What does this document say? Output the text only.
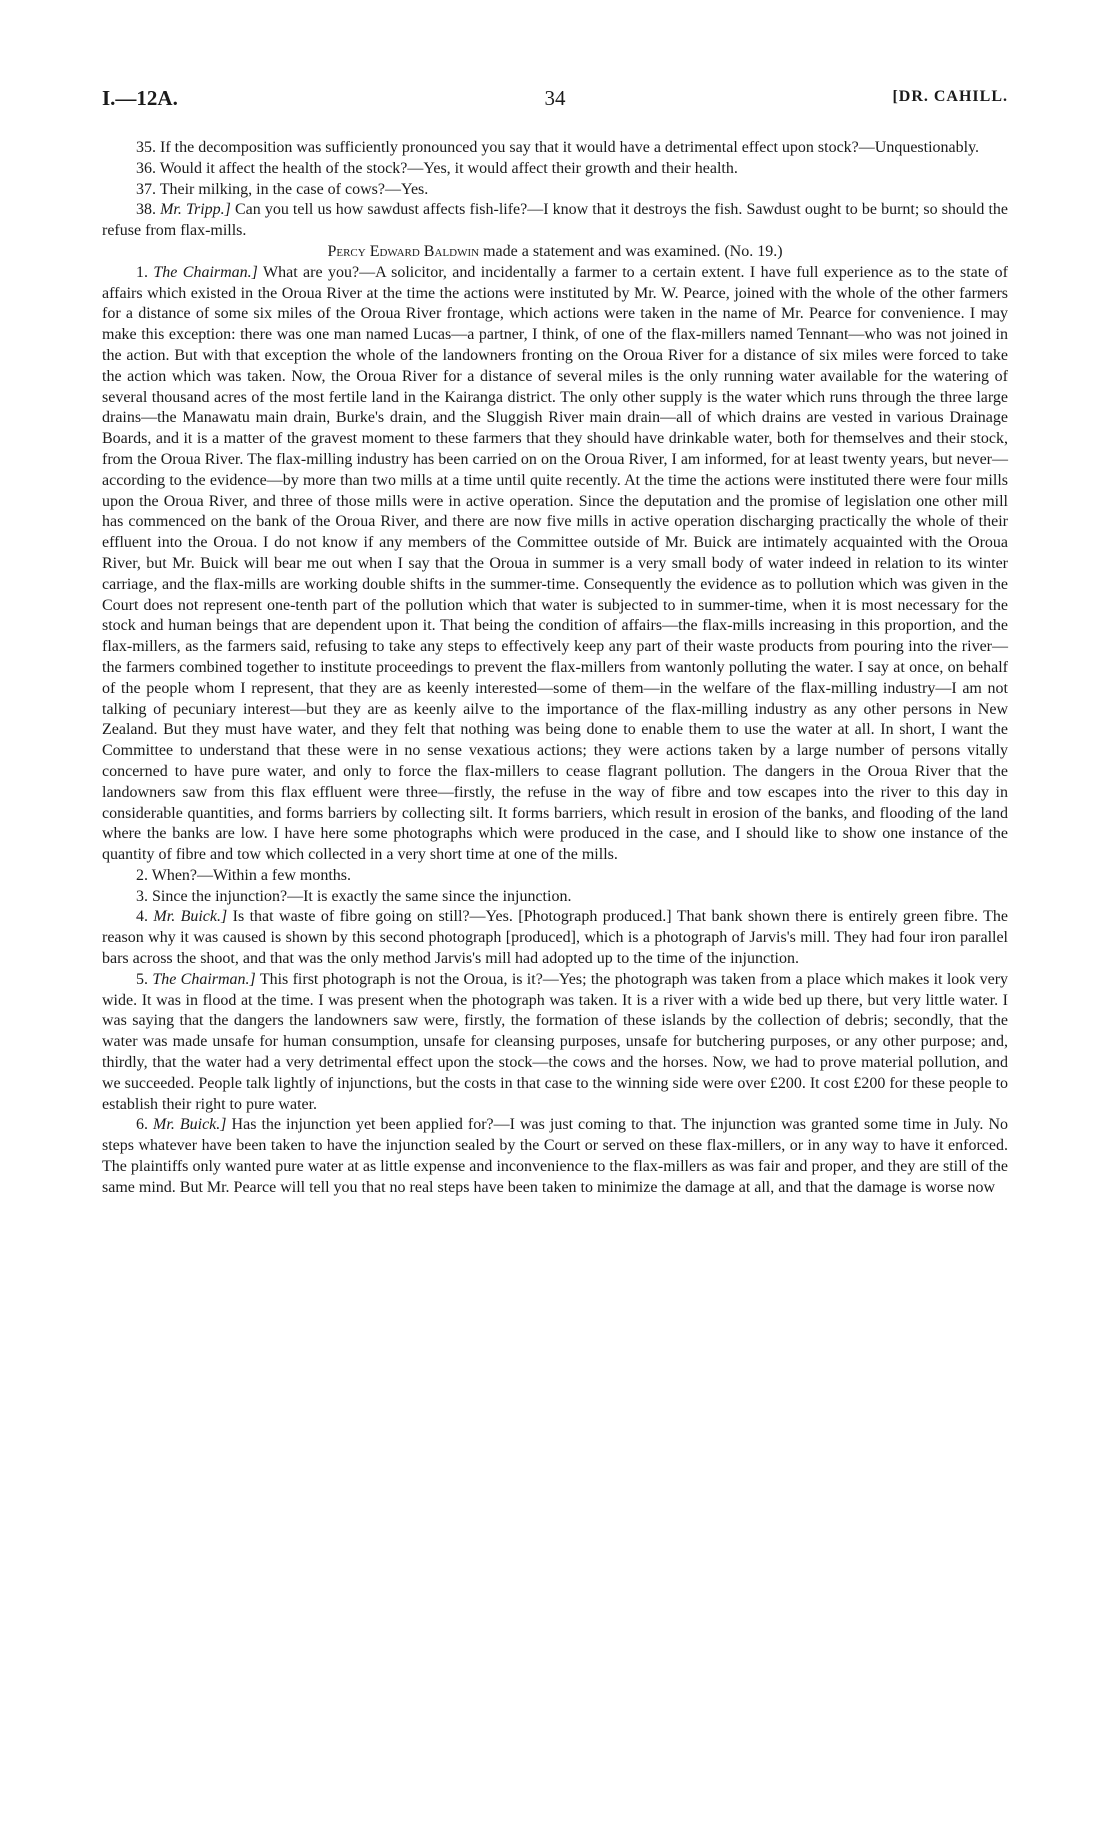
I.—12A.	34	[DR. CAHILL.

35. If the decomposition was sufficiently pronounced you say that it would have a detrimental effect upon stock?—Unquestionably.

36. Would it affect the health of the stock?—Yes, it would affect their growth and their health.

37. Their milking, in the case of cows?—Yes.

38. Mr. Tripp.] Can you tell us how sawdust affects fish-life?—I know that it destroys the fish. Sawdust ought to be burnt; so should the refuse from flax-mills.

Percy Edward Baldwin made a statement and was examined. (No. 19.)

1. The Chairman.] What are you?—A solicitor, and incidentally a farmer to a certain extent. I have full experience as to the state of affairs which existed in the Oroua River at the time the actions were instituted by Mr. W. Pearce, joined with the whole of the other farmers for a distance of some six miles of the Oroua River frontage, which actions were taken in the name of Mr. Pearce for convenience. I may make this exception: there was one man named Lucas—a partner, I think, of one of the flax-millers named Tennant—who was not joined in the action. But with that exception the whole of the landowners fronting on the Oroua River for a distance of six miles were forced to take the action which was taken. Now, the Oroua River for a distance of several miles is the only running water available for the watering of several thousand acres of the most fertile land in the Kairanga district. The only other supply is the water which runs through the three large drains—the Manawatu main drain, Burke's drain, and the Sluggish River main drain—all of which drains are vested in various Drainage Boards, and it is a matter of the gravest moment to these farmers that they should have drinkable water, both for themselves and their stock, from the Oroua River. The flax-milling industry has been carried on on the Oroua River, I am informed, for at least twenty years, but never—according to the evidence—by more than two mills at a time until quite recently. At the time the actions were instituted there were four mills upon the Oroua River, and three of those mills were in active operation. Since the deputation and the promise of legislation one other mill has commenced on the bank of the Oroua River, and there are now five mills in active operation discharging practically the whole of their effluent into the Oroua. I do not know if any members of the Committee outside of Mr. Buick are intimately acquainted with the Oroua River, but Mr. Buick will bear me out when I say that the Oroua in summer is a very small body of water indeed in relation to its winter carriage, and the flax-mills are working double shifts in the summer-time. Consequently the evidence as to pollution which was given in the Court does not represent one-tenth part of the pollution which that water is subjected to in summer-time, when it is most necessary for the stock and human beings that are dependent upon it. That being the condition of affairs—the flax-mills increasing in this proportion, and the flax-millers, as the farmers said, refusing to take any steps to effectively keep any part of their waste products from pouring into the river—the farmers combined together to institute proceedings to prevent the flax-millers from wantonly polluting the water. I say at once, on behalf of the people whom I represent, that they are as keenly interested—some of them—in the welfare of the flax-milling industry—I am not talking of pecuniary interest—but they are as keenly ailve to the importance of the flax-milling industry as any other persons in New Zealand. But they must have water, and they felt that nothing was being done to enable them to use the water at all. In short, I want the Committee to understand that these were in no sense vexatious actions; they were actions taken by a large number of persons vitally concerned to have pure water, and only to force the flax-millers to cease flagrant pollution. The dangers in the Oroua River that the landowners saw from this flax effluent were three—firstly, the refuse in the way of fibre and tow escapes into the river to this day in considerable quantities, and forms barriers by collecting silt. It forms barriers, which result in erosion of the banks, and flooding of the land where the banks are low. I have here some photographs which were produced in the case, and I should like to show one instance of the quantity of fibre and tow which collected in a very short time at one of the mills.

2. When?—Within a few months.

3. Since the injunction?—It is exactly the same since the injunction.

4. Mr. Buick.] Is that waste of fibre going on still?—Yes. [Photograph produced.] That bank shown there is entirely green fibre. The reason why it was caused is shown by this second photograph [produced], which is a photograph of Jarvis's mill. They had four iron parallel bars across the shoot, and that was the only method Jarvis's mill had adopted up to the time of the injunction.

5. The Chairman.] This first photograph is not the Oroua, is it?—Yes; the photograph was taken from a place which makes it look very wide. It was in flood at the time. I was present when the photograph was taken. It is a river with a wide bed up there, but very little water. I was saying that the dangers the landowners saw were, firstly, the formation of these islands by the collection of debris; secondly, that the water was made unsafe for human consumption, unsafe for cleansing purposes, unsafe for butchering purposes, or any other purpose; and, thirdly, that the water had a very detrimental effect upon the stock—the cows and the horses. Now, we had to prove material pollution, and we succeeded. People talk lightly of injunctions, but the costs in that case to the winning side were over £200. It cost £200 for these people to establish their right to pure water.

6. Mr. Buick.] Has the injunction yet been applied for?—I was just coming to that. The injunction was granted some time in July. No steps whatever have been taken to have the injunction sealed by the Court or served on these flax-millers, or in any way to have it enforced. The plaintiffs only wanted pure water at as little expense and inconvenience to the flax-millers as was fair and proper, and they are still of the same mind. But Mr. Pearce will tell you that no real steps have been taken to minimize the damage at all, and that the damage is worse now
